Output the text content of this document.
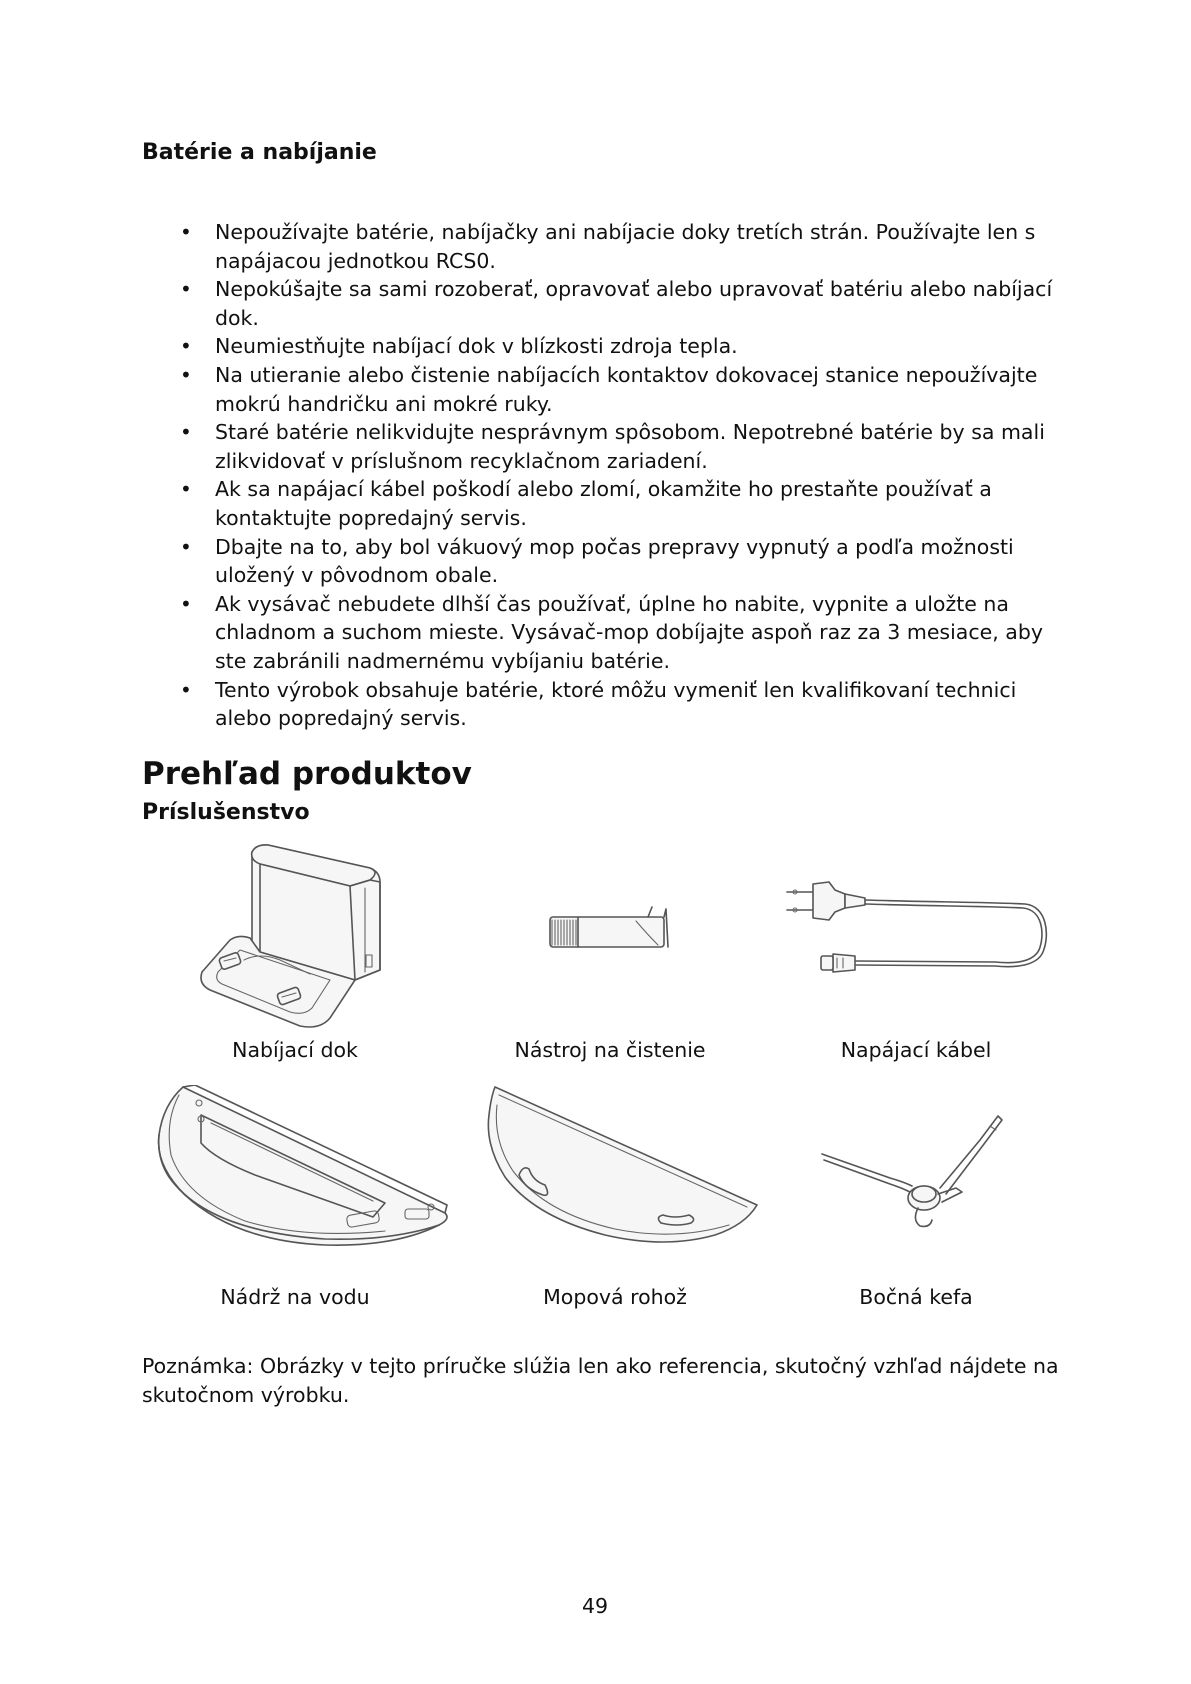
Batérie a nabíjanie
• Nepoužívajte batérie, nabíjačky ani nabíjacie doky tretích strán. Používajte len s napájacou jednotkou RCS0.
• Nepokúšajte sa sami rozoberať, opravovať alebo upravovať batériu alebo nabíjací dok.
• Neumiestňujte nabíjací dok v blízkosti zdroja tepla.
• Na utieranie alebo čistenie nabíjacích kontaktov dokovacej stanice nepoužívajte mokrú handričku ani mokré ruky.
• Staré batérie nelikvidujte nesprávnym spôsobom. Nepotrebné batérie by sa mali zlikvidovať v príslušnom recyklačnom zariadení.
• Ak sa napájací kábel poškodí alebo zlomí, okamžite ho prestaňte používať a kontaktujte popredajný servis.
• Dbajte na to, aby bol vákuový mop počas prepravy vypnutý a podľa možnosti uložený v pôvodnom obale.
• Ak vysávač nebudete dlhší čas používať, úplne ho nabite, vypnite a uložte na chladnom a suchom mieste. Vysávač-mop dobíjajte aspoň raz za 3 mesiace, aby ste zabránili nadmernému vybíjaniu batérie.
• Tento výrobok obsahuje batérie, ktoré môžu vymeniť len kvalifikovaní technici alebo popredajný servis.
Prehľad produktov
Príslušenstvo
Nabíjací dok	Nástroj na čistenie	Napájací kábel
Nádrž na vodu	Mopová rohož	Bočná kefa

Poznámka: Obrázky v tejto príručke slúžia len ako referencia, skutočný vzhľad nájdete na skutočnom výrobku.

49
